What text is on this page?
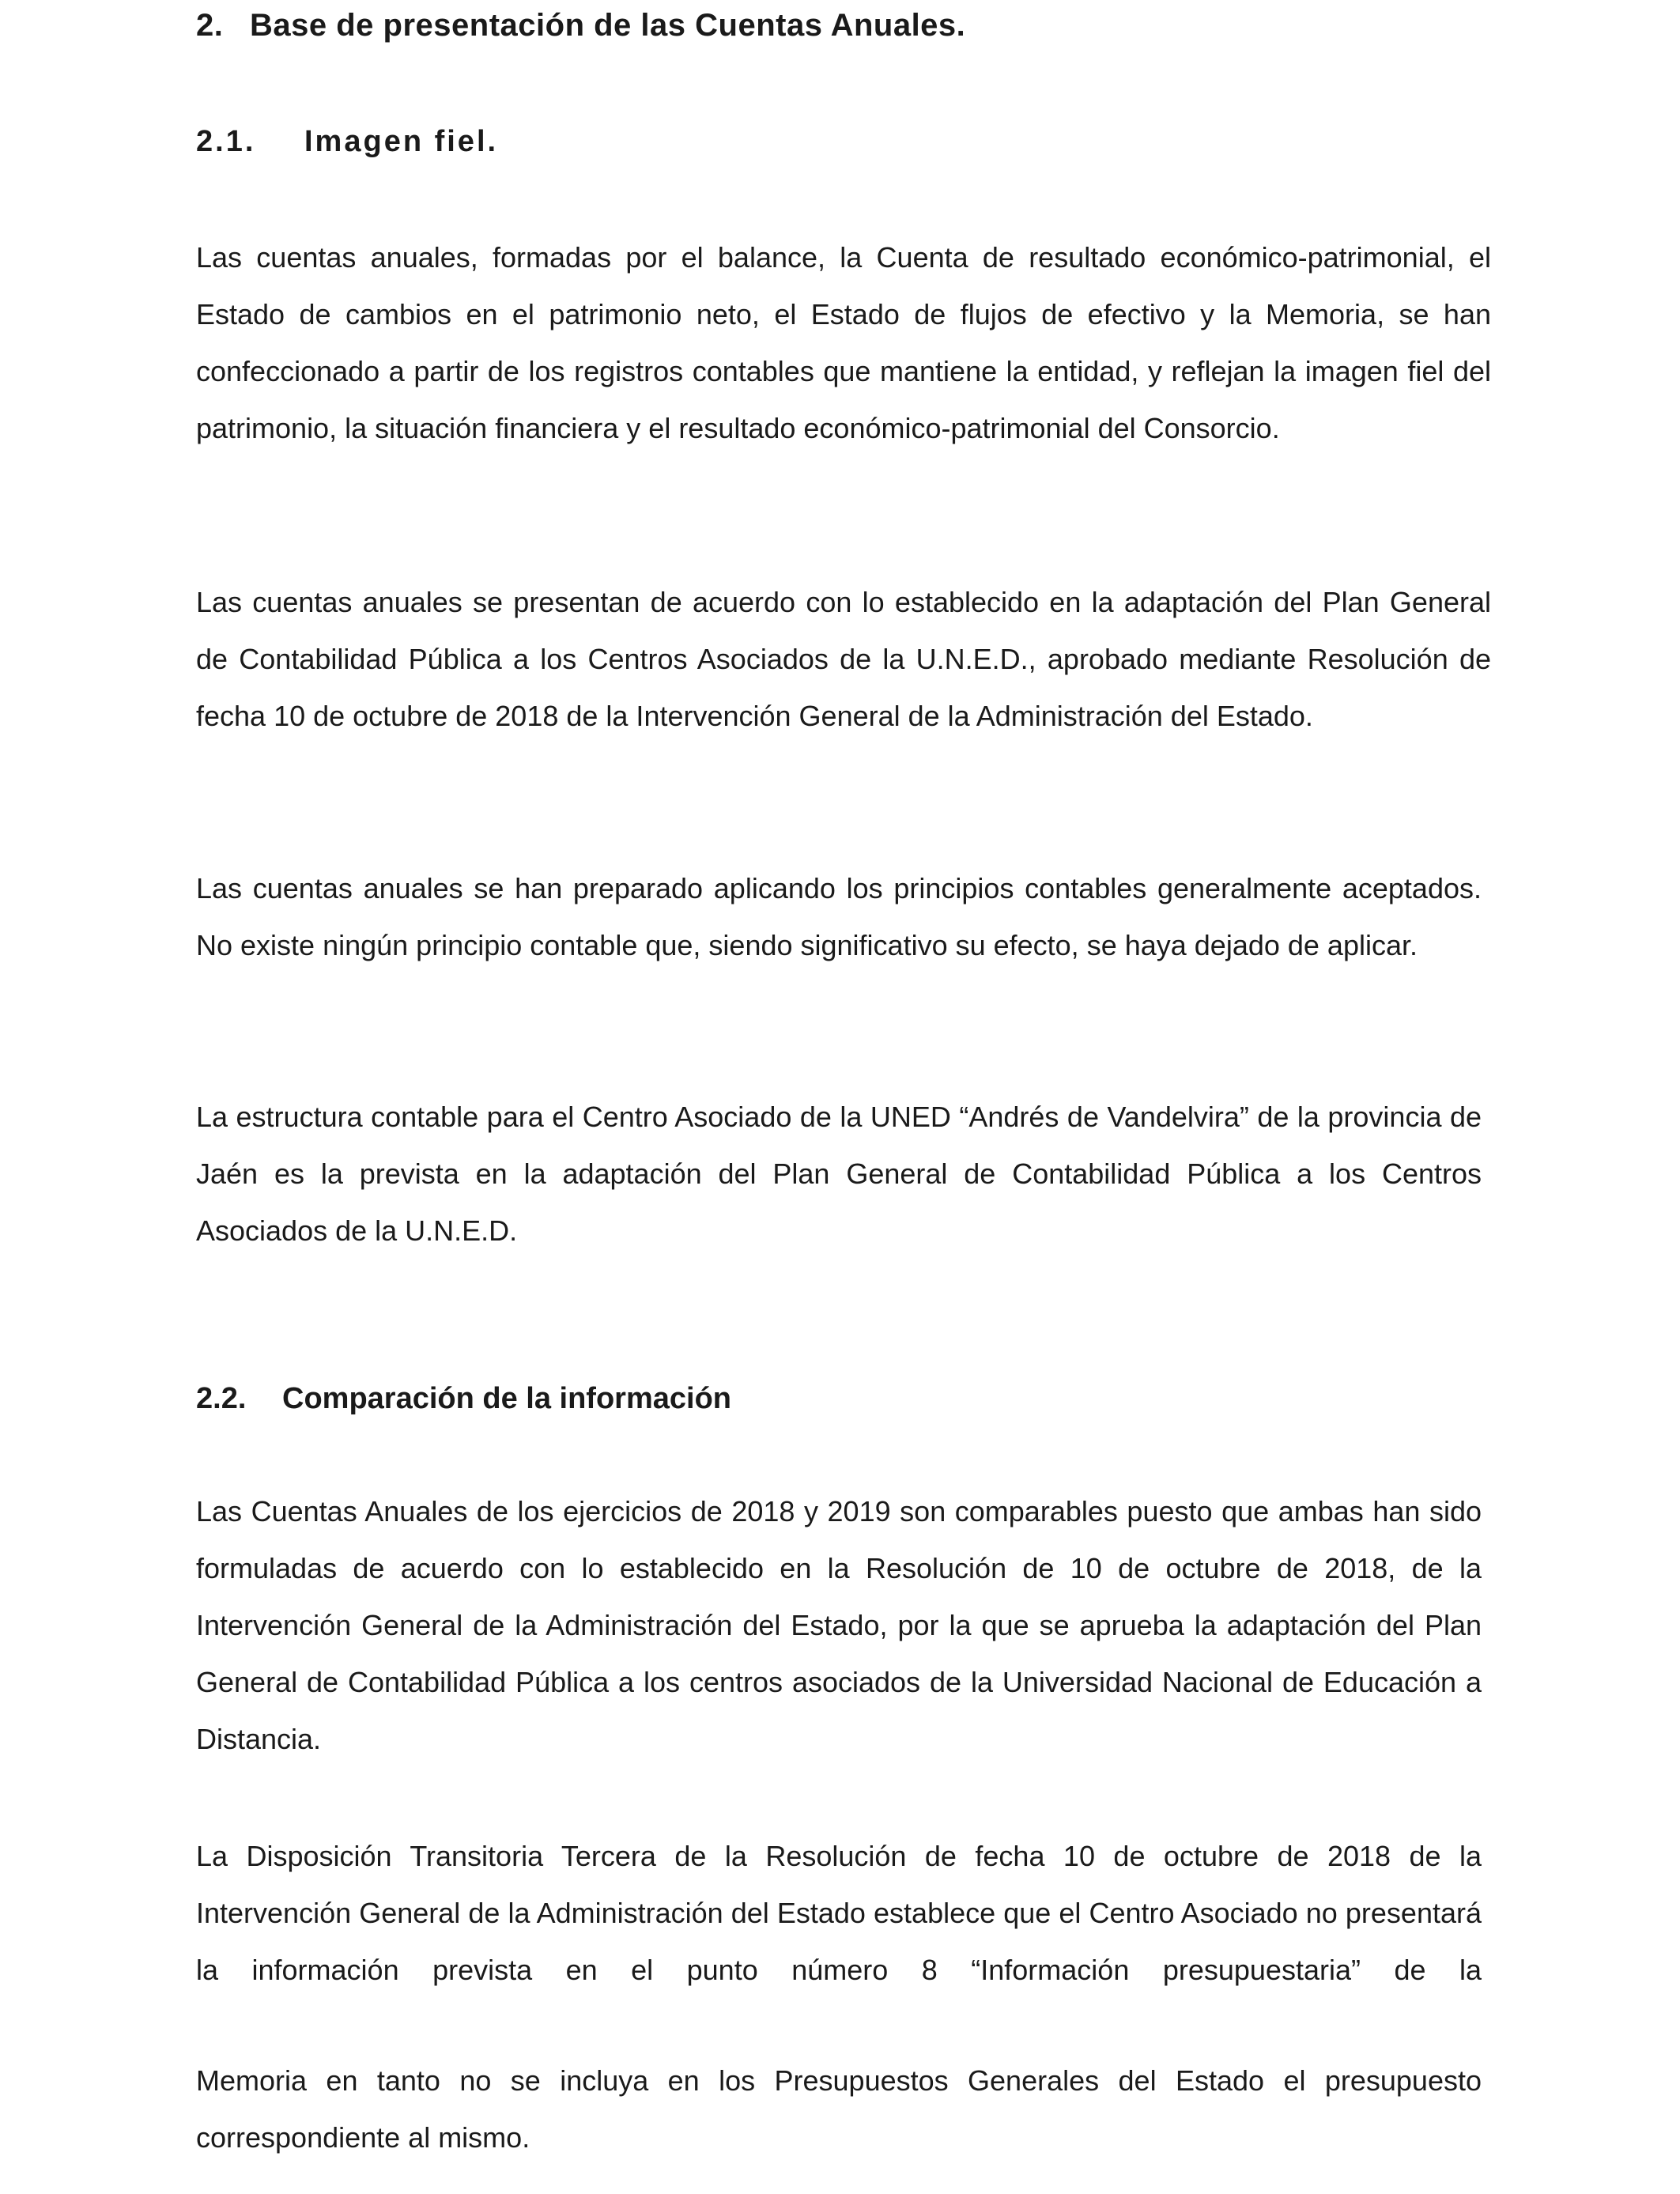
2. Base de presentación de las Cuentas Anuales.
2.1. Imagen fiel.

Las cuentas anuales, formadas por el balance, la Cuenta de resultado económico-patrimonial, el Estado de cambios en el patrimonio neto, el Estado de flujos de efectivo y la Memoria, se han confeccionado a partir de los registros contables que mantiene la entidad, y reflejan la imagen fiel del patrimonio, la situación financiera y el resultado económico-patrimonial del Consorcio.

Las cuentas anuales se presentan de acuerdo con lo establecido en la adaptación del Plan General de Contabilidad Pública a los Centros Asociados de la U.N.E.D., aprobado mediante Resolución de fecha 10 de octubre de 2018 de la Intervención General de la Administración del Estado.

Las cuentas anuales se han preparado aplicando los principios contables generalmente aceptados. No existe ningún principio contable que, siendo significativo su efecto, se haya dejado de aplicar.

La estructura contable para el Centro Asociado de la UNED “Andrés de Vandelvira” de la provincia de Jaén es la prevista en la adaptación del Plan General de Contabilidad Pública a los Centros Asociados de la U.N.E.D.

2.2. Comparación de la información

Las Cuentas Anuales de los ejercicios de 2018 y 2019 son comparables puesto que ambas han sido formuladas de acuerdo con lo establecido en la Resolución de 10 de octubre de 2018, de la Intervención General de la Administración del Estado, por la que se aprueba la adaptación del Plan General de Contabilidad Pública a los centros asociados de la Universidad Nacional de Educación a Distancia.

La Disposición Transitoria Tercera de la Resolución de fecha 10 de octubre de 2018 de la Intervención General de la Administración del Estado establece que el Centro Asociado no presentará la información prevista en el punto número 8 “Información presupuestaria” de la

Memoria en tanto no se incluya en los Presupuestos Generales del Estado el presupuesto correspondiente al mismo.
